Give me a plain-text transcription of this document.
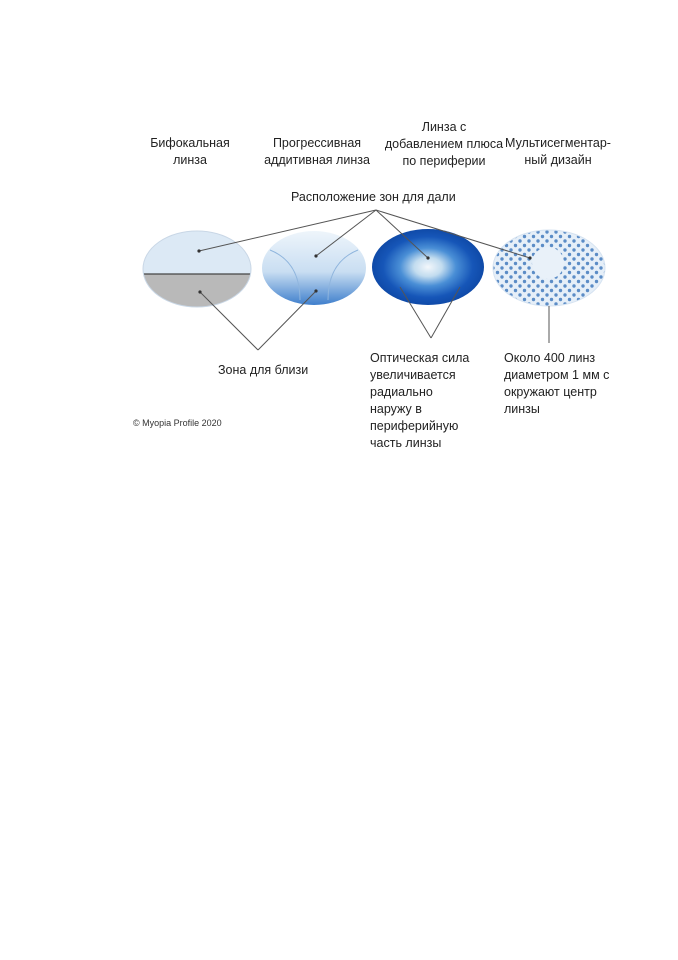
Бифокальная
линза
Прогрессивная
аддитивная линза
Линза с
добавлением плюса
по периферии
Мультисегментар-
ный дизайн
Расположение зон для дали
Зона для близи
Оптическая сила
увеличивается радиально
наружу в периферийную
часть линзы
Около 400 линз
диаметром 1 мм с
окружают центр линзы
© Myopia Profile 2020
